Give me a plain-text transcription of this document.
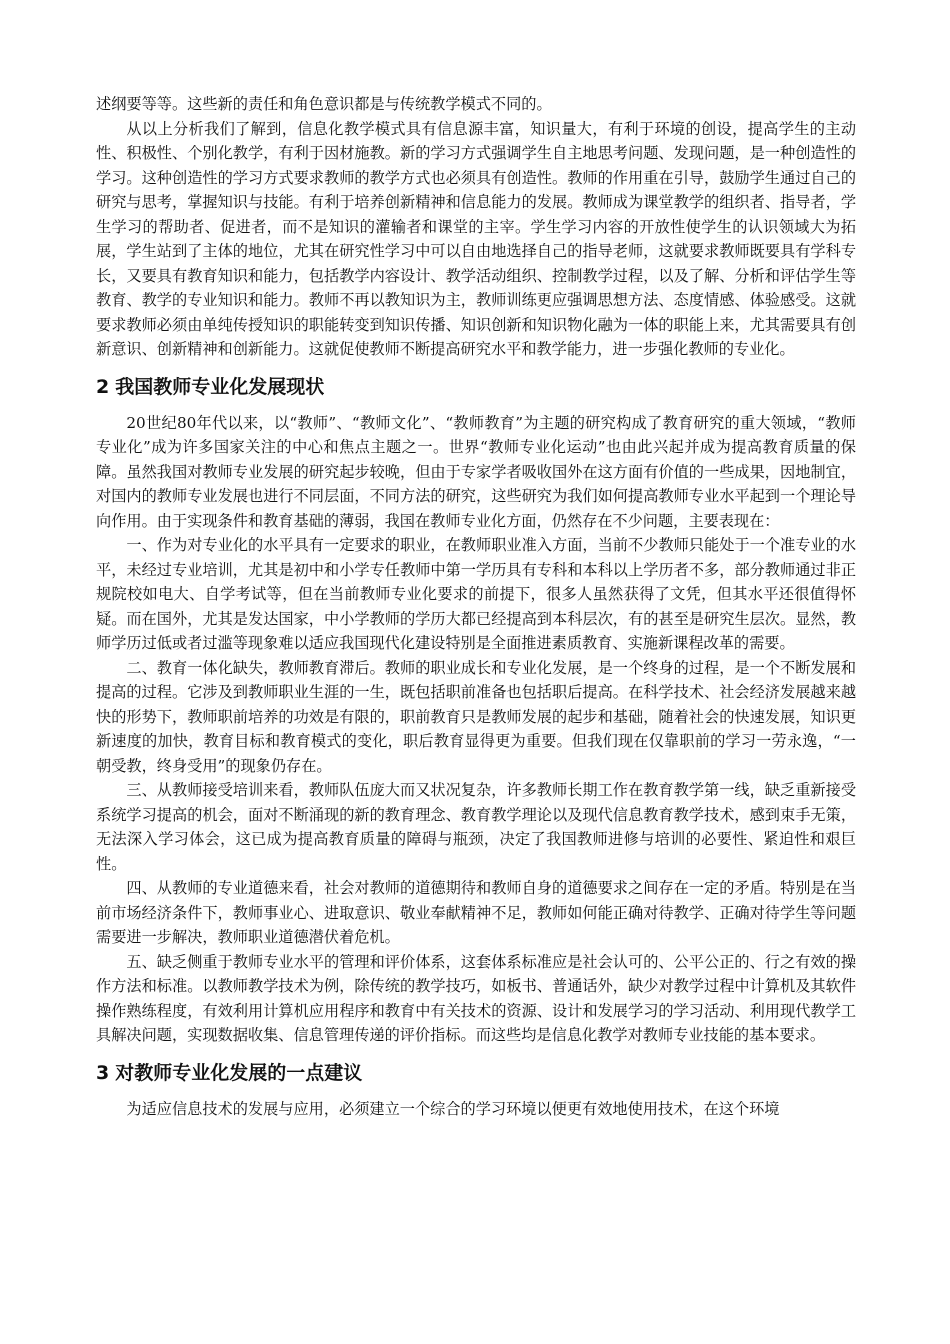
述纲要等等。这些新的责任和角色意识都是与传统教学模式不同的。

从以上分析我们了解到，信息化教学模式具有信息源丰富，知识量大，有利于环境的创设，提高学生的主动性、积极性、个别化教学，有利于因材施教。新的学习方式强调学生自主地思考问题、发现问题，是一种创造性的学习。这种创造性的学习方式要求教师的教学方式也必须具有创造性。教师的作用重在引导，鼓励学生通过自己的研究与思考，掌握知识与技能。有利于培养创新精神和信息能力的发展。教师成为课堂教学的组织者、指导者，学生学习的帮助者、促进者，而不是知识的灌输者和课堂的主宰。学生学习内容的开放性使学生的认识领域大为拓展，学生站到了主体的地位，尤其在研究性学习中可以自由地选择自己的指导老师，这就要求教师既要具有学科专长，又要具有教育知识和能力，包括教学内容设计、教学活动组织、控制教学过程，以及了解、分析和评估学生等教育、教学的专业知识和能力。教师不再以教知识为主，教师训练更应强调思想方法、态度情感、体验感受。这就要求教师必须由单纯传授知识的职能转变到知识传播、知识创新和知识物化融为一体的职能上来，尤其需要具有创新意识、创新精神和创新能力。这就促使教师不断提高研究水平和教学能力，进一步强化教师的专业化。

2 我国教师专业化发展现状

20世纪80年代以来，以“教师”、“教师文化”、“教师教育”为主题的研究构成了教育研究的重大领域，“教师专业化”成为许多国家关注的中心和焦点主题之一。世界“教师专业化运动”也由此兴起并成为提高教育质量的保障。虽然我国对教师专业发展的研究起步较晚，但由于专家学者吸收国外在这方面有价值的一些成果，因地制宜，对国内的教师专业发展也进行不同层面，不同方法的研究，这些研究为我们如何提高教师专业水平起到一个理论导向作用。由于实现条件和教育基础的薄弱，我国在教师专业化方面，仍然存在不少问题，主要表现在：

一、作为对专业化的水平具有一定要求的职业，在教师职业准入方面，当前不少教师只能处于一个准专业的水平，未经过专业培训，尤其是初中和小学专任教师中第一学历具有专科和本科以上学历者不多，部分教师通过非正规院校如电大、自学考试等，但在当前教师专业化要求的前提下，很多人虽然获得了文凭，但其水平还很值得怀疑。而在国外，尤其是发达国家，中小学教师的学历大都已经提高到本科层次，有的甚至是研究生层次。显然，教师学历过低或者过滥等现象难以适应我国现代化建设特别是全面推进素质教育、实施新课程改革的需要。

二、教育一体化缺失，教师教育滞后。教师的职业成长和专业化发展，是一个终身的过程，是一个不断发展和提高的过程。它涉及到教师职业生涯的一生，既包括职前准备也包括职后提高。在科学技术、社会经济发展越来越快的形势下，教师职前培养的功效是有限的，职前教育只是教师发展的起步和基础，随着社会的快速发展，知识更新速度的加快，教育目标和教育模式的变化，职后教育显得更为重要。但我们现在仅靠职前的学习一劳永逸，“一朝受教，终身受用”的现象仍存在。

三、从教师接受培训来看，教师队伍庞大而又状况复杂，许多教师长期工作在教育教学第一线，缺乏重新接受系统学习提高的机会，面对不断涌现的新的教育理念、教育教学理论以及现代信息教育教学技术，感到束手无策，无法深入学习体会，这已成为提高教育质量的障碍与瓶颈，决定了我国教师进修与培训的必要性、紧迫性和艰巨性。

四、从教师的专业道德来看，社会对教师的道德期待和教师自身的道德要求之间存在一定的矛盾。特别是在当前市场经济条件下，教师事业心、进取意识、敬业奉献精神不足，教师如何能正确对待教学、正确对待学生等问题需要进一步解决，教师职业道德潜伏着危机。

五、缺乏侧重于教师专业水平的管理和评价体系，这套体系标准应是社会认可的、公平公正的、行之有效的操作方法和标准。以教师教学技术为例，除传统的教学技巧，如板书、普通话外，缺少对教学过程中计算机及其软件操作熟练程度，有效利用计算机应用程序和教育中有关技术的资源、设计和发展学习的学习活动、利用现代教学工具解决问题，实现数据收集、信息管理传递的评价指标。而这些均是信息化教学对教师专业技能的基本要求。

3 对教师专业化发展的一点建议

为适应信息技术的发展与应用，必须建立一个综合的学习环境以便更有效地使用技术，在这个环境
